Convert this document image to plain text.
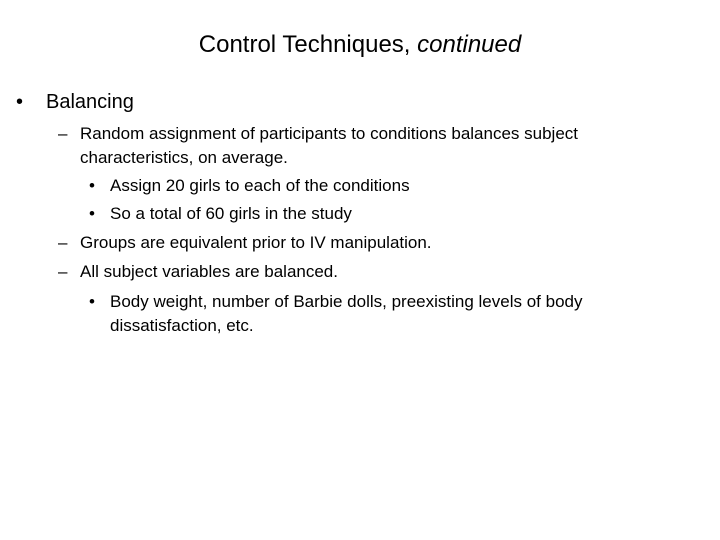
Control Techniques, continued
• Balancing
– Random assignment of participants to conditions balances subject
characteristics, on average.
• Assign 20 girls to each of the conditions
• So a total of 60 girls in the study
– Groups are equivalent prior to IV manipulation.
– All subject variables are balanced.
• Body weight, number of Barbie dolls, preexisting levels of body
dissatisfaction, etc.
